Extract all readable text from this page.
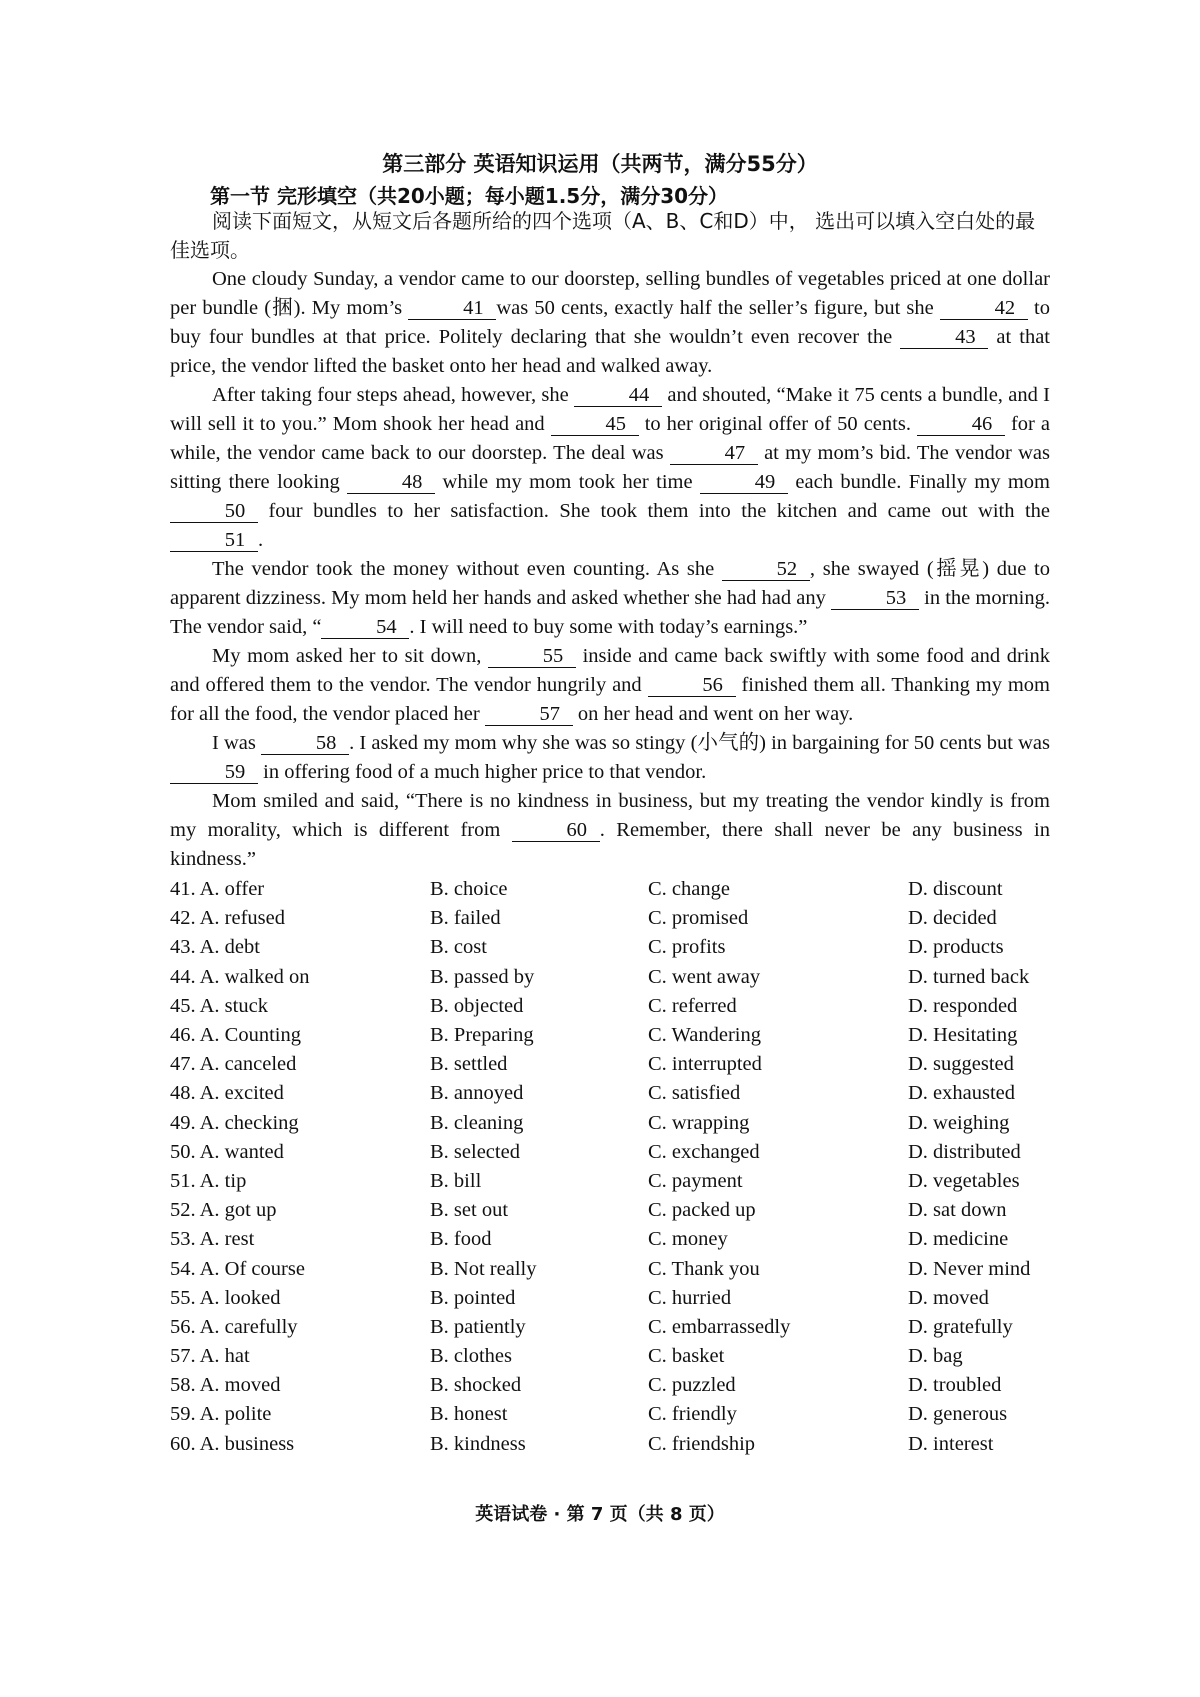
第三部分 英语知识运用（共两节，满分55分）
第一节 完形填空（共20小题；每小题1.5分，满分30分）
阅读下面短文，从短文后各题所给的四个选项（A、B、C和D）中， 选出可以填入空白处的最佳选项。

One cloudy Sunday, a vendor came to our doorstep, selling bundles of vegetables priced at one dollar per bundle (捆). My mom’s	41 was 50 cents, exactly half the seller’s figure, but she	42 to buy four bundles at that price. Politely declaring that she wouldn’t even recover the	43 at that price, the vendor lifted the basket onto her head and walked away.

After taking four steps ahead, however, she	44 and shouted, “Make it 75 cents a bundle, and I will sell it to you.” Mom shook her head and	45 to her original offer of 50 cents.	46 for a while, the vendor came back to our doorstep. The deal was	47 at my mom’s bid. The vendor was sitting there looking	48 while my mom took her time	49 each bundle. Finally my mom 50 four bundles to her satisfaction. She took them into the kitchen and came out with the 51 .

The vendor took the money without even counting. As she	52 , she swayed (摇晃) due to apparent dizziness. My mom held her hands and asked whether she had had any	53 in the morning. The vendor said, “	54 . I will need to buy some with today’s earnings.”

My mom asked her to sit down,	55 inside and came back swiftly with some food and drink and offered them to the vendor. The vendor hungrily and	56 finished them all. Thanking my mom for all the food, the vendor placed her	57 on her head and went on her way.

I was	58 . I asked my mom why she was so stingy (小气的) in bargaining for 50 cents but was 59 in offering food of a much higher price to that vendor.

Mom smiled and said, “There is no kindness in business, but my treating the vendor kindly is from my morality, which is different from	60 . Remember, there shall never be any business in kindness.”

41. A. offer	B. choice	C. change	D. discount
42. A. refused	B. failed	C. promised	D. decided
43. A. debt	B. cost	C. profits	D. products
44. A. walked on	B. passed by	C. went away	D. turned back
45. A. stuck	B. objected	C. referred	D. responded
46. A. Counting	B. Preparing	C. Wandering	D. Hesitating
47. A. canceled	B. settled	C. interrupted	D. suggested
48. A. excited	B. annoyed	C. satisfied	D. exhausted
49. A. checking	B. cleaning	C. wrapping	D. weighing
50. A. wanted	B. selected	C. exchanged	D. distributed
51. A. tip	B. bill	C. payment	D. vegetables
52. A. got up	B. set out	C. packed up	D. sat down
53. A. rest	B. food	C. money	D. medicine
54. A. Of course	B. Not really	C. Thank you	D. Never mind
55. A. looked	B. pointed	C. hurried	D. moved
56. A. carefully	B. patiently	C. embarrassedly	D. gratefully
57. A. hat	B. clothes	C. basket	D. bag
58. A. moved	B. shocked	C. puzzled	D. troubled
59. A. polite	B. honest	C. friendly	D. generous
60. A. business	B. kindness	C. friendship	D. interest
英语试卷 · 第 7 页（共 8 页）
